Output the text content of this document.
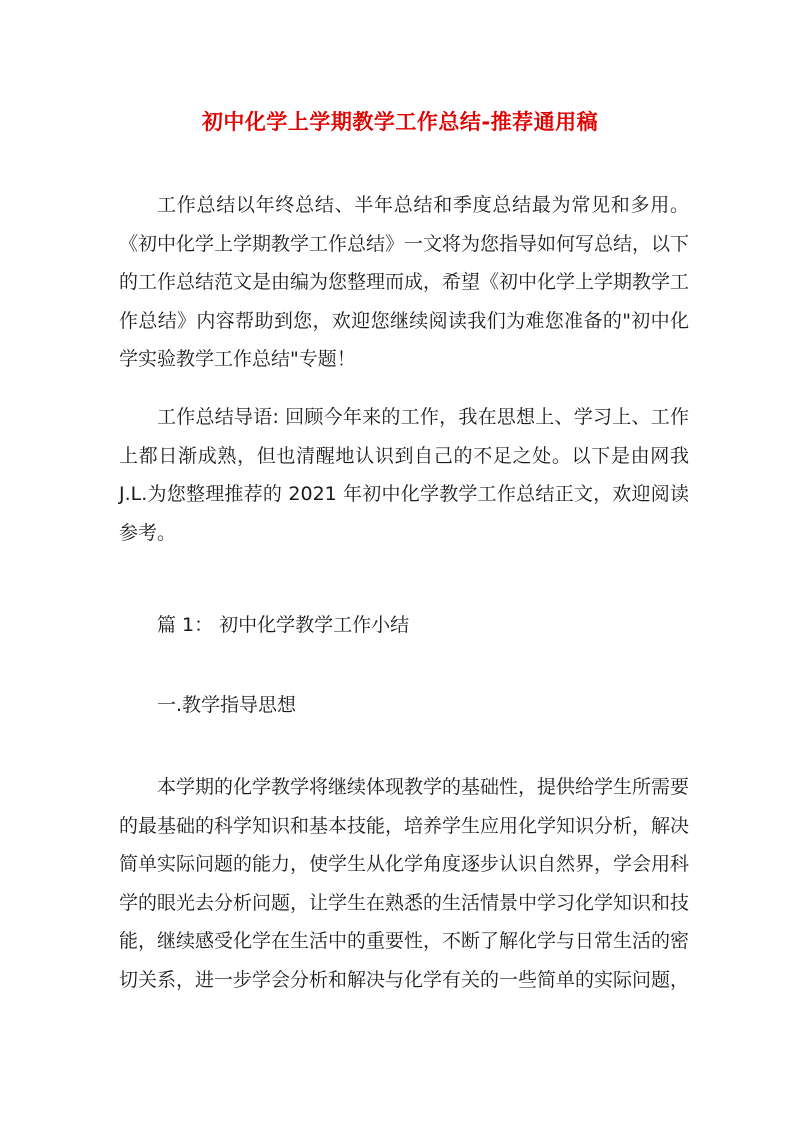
初中化学上学期教学工作总结-推荐通用稿

工作总结以年终总结、半年总结和季度总结最为常见和多用。《初中化学上学期教学工作总结》一文将为您指导如何写总结，以下的工作总结范文是由编为您整理而成，希望《初中化学上学期教学工作总结》内容帮助到您，欢迎您继续阅读我们为难您准备的"初中化学实验教学工作总结"专题！

工作总结导语: 回顾今年来的工作，我在思想上、学习上、工作上都日渐成熟，但也清醒地认识到自己的不足之处。以下是由网我J.L.为您整理推荐的 2021 年初中化学教学工作总结正文，欢迎阅读参考。

篇 1： 初中化学教学工作小结

一.教学指导思想

本学期的化学教学将继续体现教学的基础性，提供给学生所需要的最基础的科学知识和基本技能，培养学生应用化学知识分析，解决简单实际问题的能力，使学生从化学角度逐步认识自然界，学会用科学的眼光去分析问题，让学生在熟悉的生活情景中学习化学知识和技能，继续感受化学在生活中的重要性，不断了解化学与日常生活的密切关系，进一步学会分析和解决与化学有关的一些简单的实际问题，
